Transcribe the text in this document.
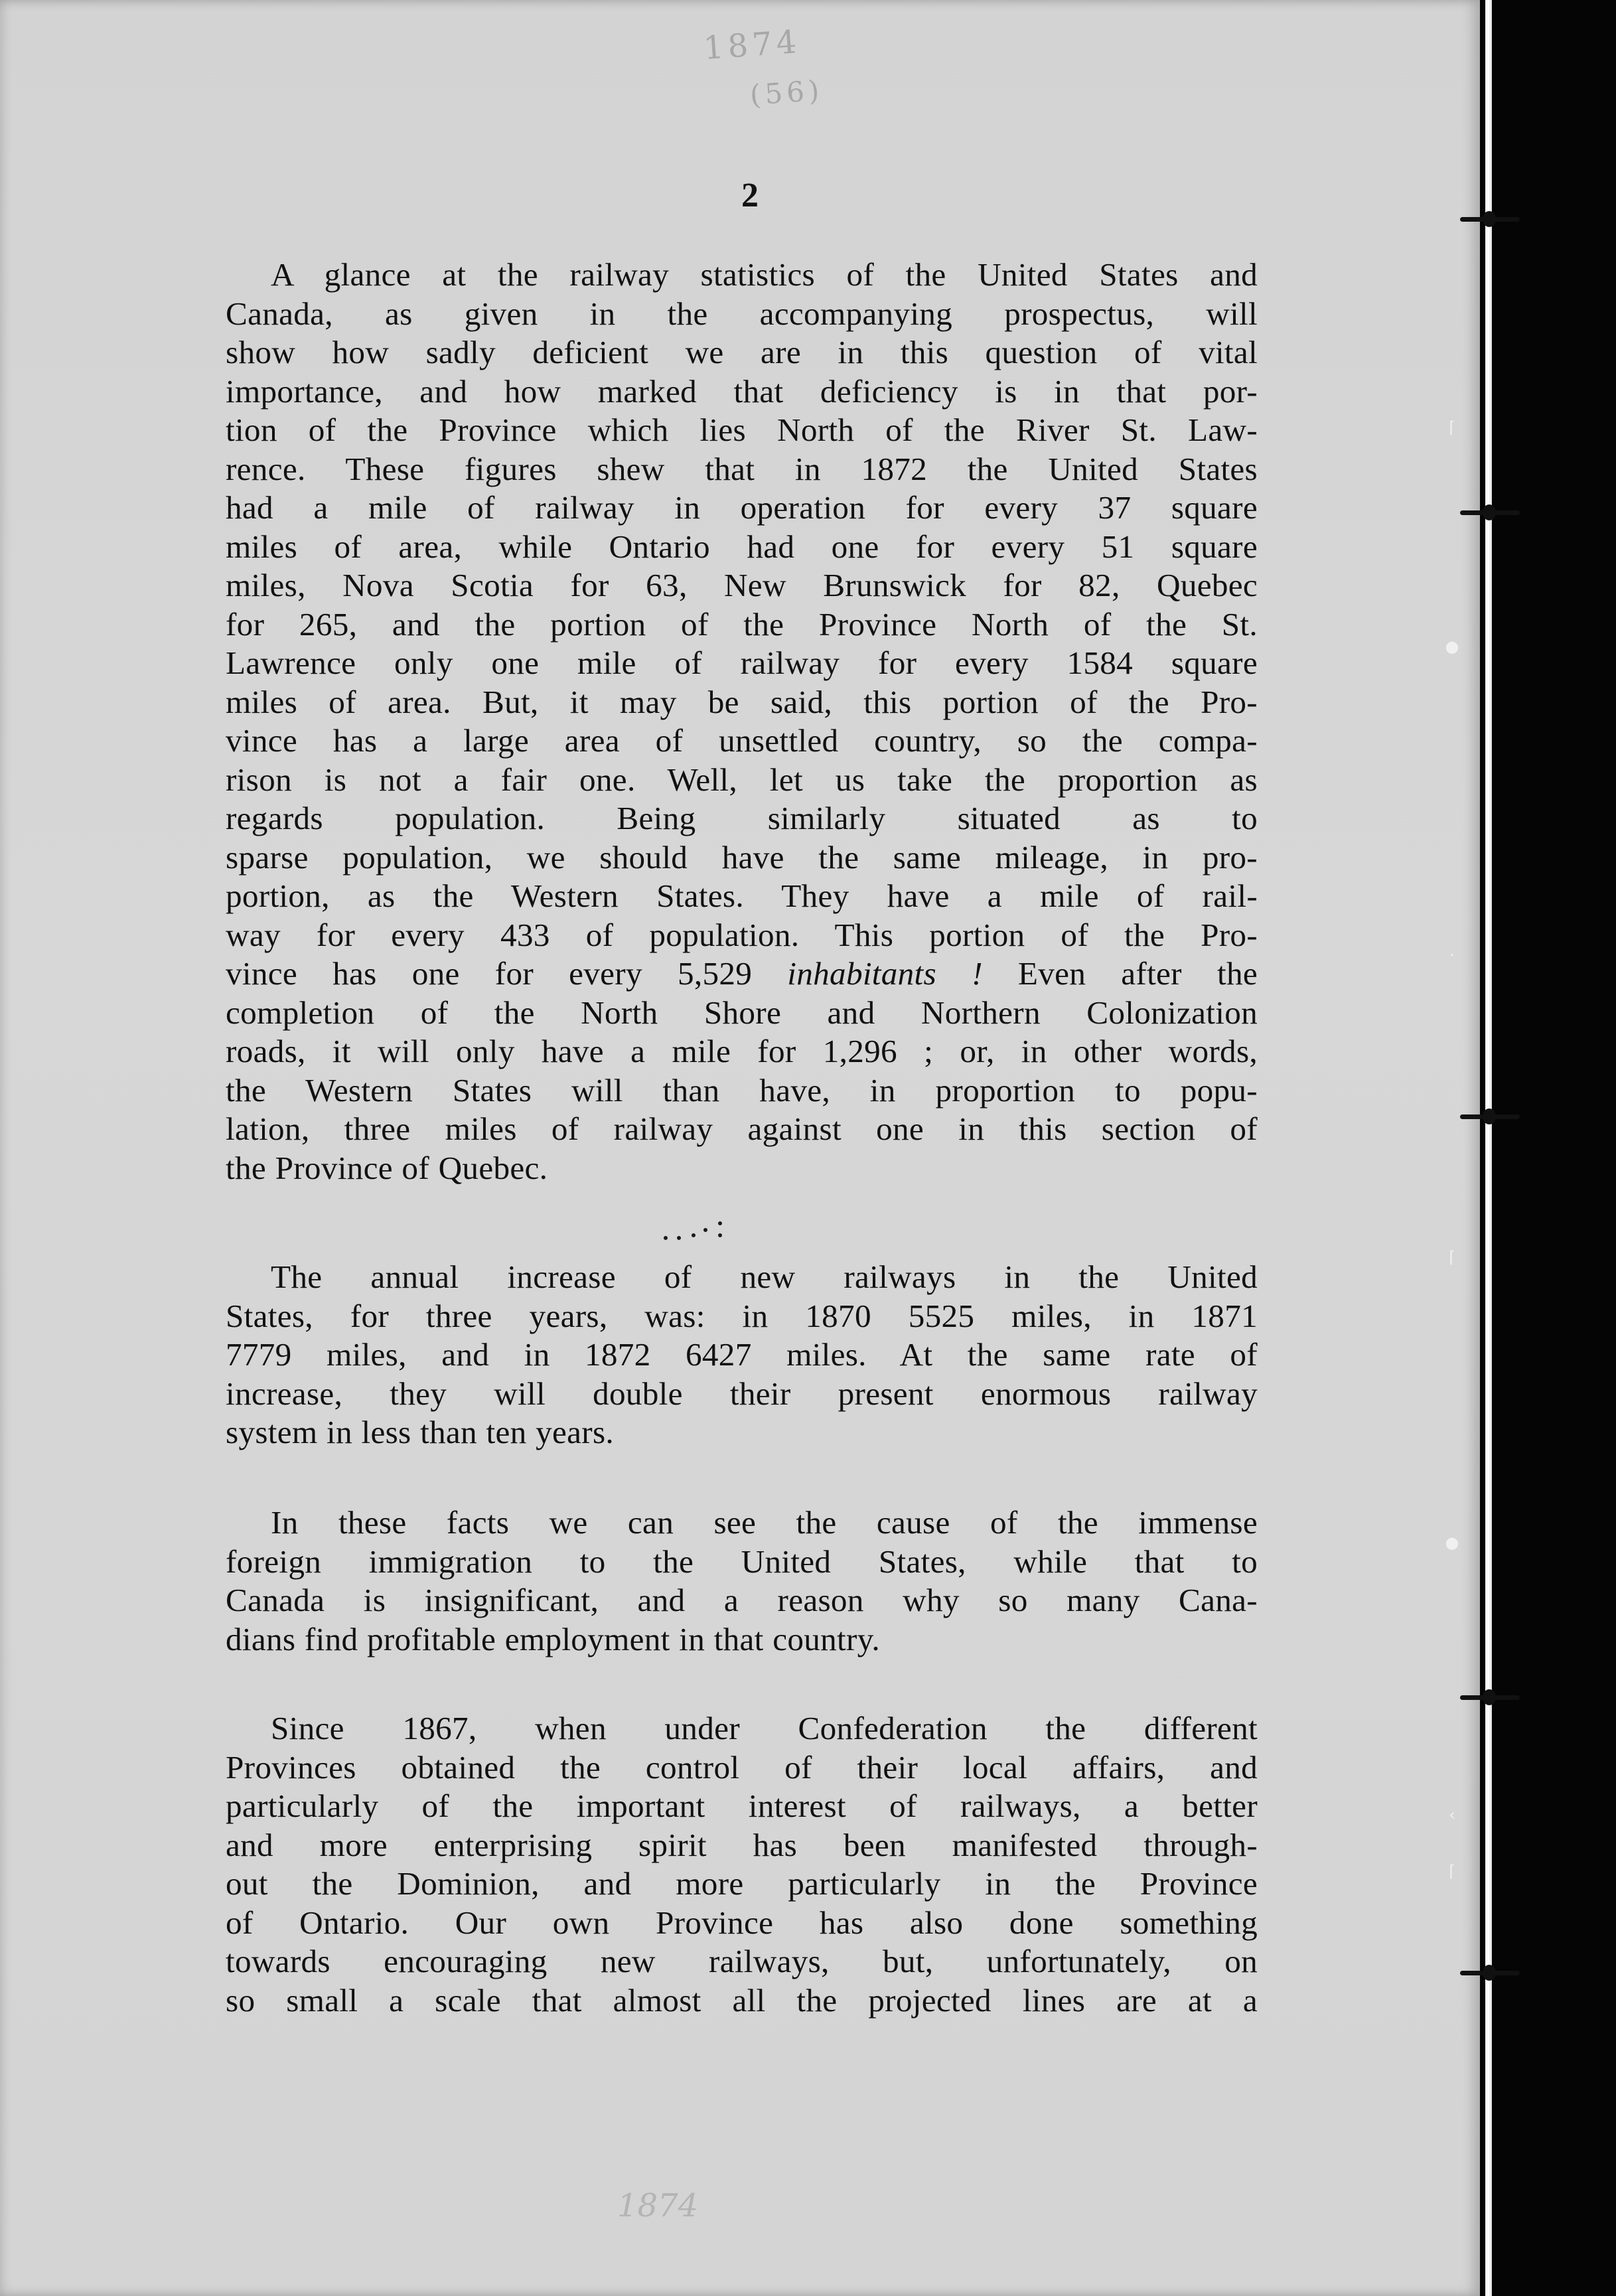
1874
(56)
2
A glance at the railway statistics of the United States and
Canada, as given in the accompanying prospectus, will
show how sadly deficient we are in this question of vital
importance, and how marked that deficiency is in that por-
tion of the Province which lies North of the River St. Law-
rence. These figures shew that in 1872 the United States
had a mile of railway in operation for every 37 square
miles of area, while Ontario had one for every 51 square
miles, Nova Scotia for 63, New Brunswick for 82, Quebec
for 265, and the portion of the Province North of the St.
Lawrence only one mile of railway for every 1584 square
miles of area. But, it may be said, this portion of the Pro-
vince has a large area of unsettled country, so the compa-
rison is not a fair one. Well, let us take the proportion as
regards population. Being similarly situated as to
sparse population, we should have the same mileage, in pro-
portion, as the Western States. They have a mile of rail-
way for every 433 of population. This portion of the Pro-
vince has one for every 5,529 inhabitants ! Even after the
completion of the North Shore and Northern Colonization
roads, it will only have a mile for 1,296 ; or, in other words,
the Western States will than have, in proportion to popu-
lation, three miles of railway against one in this section of
the Province of Quebec.
The annual increase of new railways in the United
States, for three years, was: in 1870 5525 miles, in 1871
7779 miles, and in 1872 6427 miles. At the same rate of
increase, they will double their present enormous railway
system in less than ten years.
In these facts we can see the cause of the immense
foreign immigration to the United States, while that to
Canada is insignificant, and a reason why so many Cana-
dians find profitable employment in that country.
Since 1867, when under Confederation the different
Provinces obtained the control of their local affairs, and
particularly of the important interest of railways, a better
and more enterprising spirit has been manifested through-
out the Dominion, and more particularly in the Province
of Ontario. Our own Province has also done something
towards encouraging new railways, but, unfortunately, on
so small a scale that almost all the projected lines are at a
1874
⌈
●
·
⌈
●
‹
⌈
